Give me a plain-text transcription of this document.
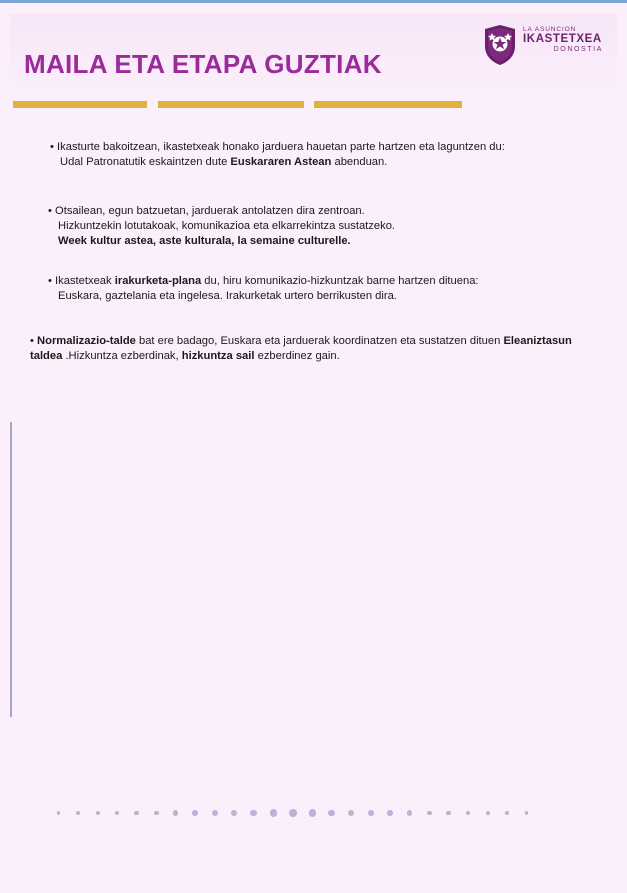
MAILA ETA ETAPA GUZTIAK
LA ASUNCION
IKASTETXEA
DONOSTIA

• Ikasturte bakoitzean, ikastetxeak honako jarduera hauetan parte hartzen eta laguntzen du:

Udal Patronatutik eskaintzen dute Euskararen Astean abenduan.

• Otsailean, egun batzuetan, jarduerak antolatzen dira zentroan.

Hizkuntzekin lotutakoak, komunikazioa eta elkarrekintza sustatzeko.

Week kultur astea, aste kulturala, la semaine culturelle.

• Ikastetxeak irakurketa-plana du, hiru komunikazio-hizkuntzak barne hartzen dituena:

Euskara, gaztelania eta ingelesa. Irakurketak urtero berrikusten dira.

• Normalizazio-talde bat ere badago, Euskara eta jarduerak koordinatzen eta sustatzen dituen Eleaniztasun

taldea .Hizkuntza ezberdinak, hizkuntza sail ezberdinez gain.
